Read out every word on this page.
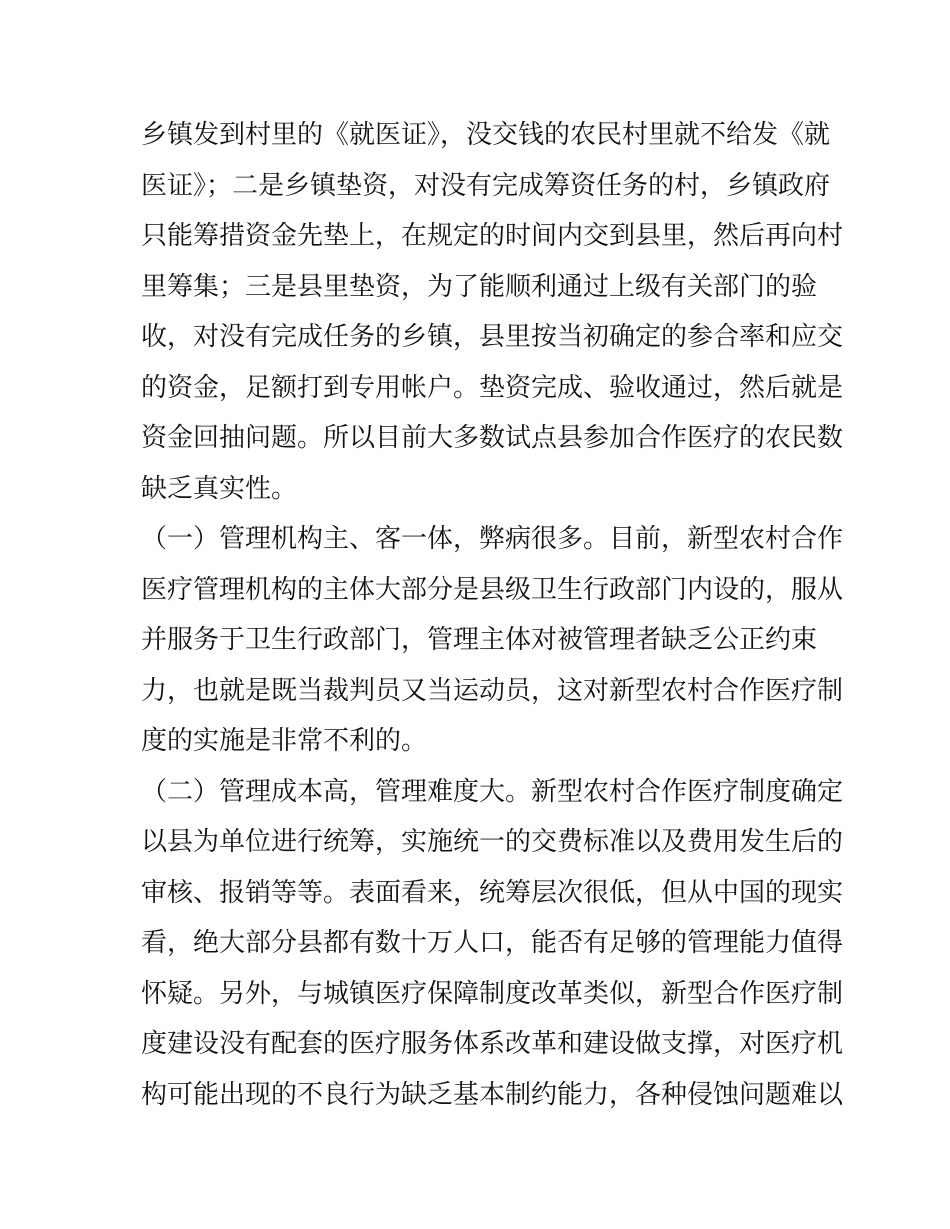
乡镇发到村里的《就医证》，没交钱的农民村里就不给发《就
医证》；二是乡镇垫资，对没有完成筹资任务的村，乡镇政府
只能筹措资金先垫上，在规定的时间内交到县里，然后再向村
里筹集；三是县里垫资，为了能顺利通过上级有关部门的验
收，对没有完成任务的乡镇，县里按当初确定的参合率和应交
的资金，足额打到专用帐户。垫资完成、验收通过，然后就是
资金回抽问题。所以目前大多数试点县参加合作医疗的农民数
缺乏真实性。
（一）管理机构主、客一体，弊病很多。目前，新型农村合作
医疗管理机构的主体大部分是县级卫生行政部门内设的，服从
并服务于卫生行政部门，管理主体对被管理者缺乏公正约束
力，也就是既当裁判员又当运动员，这对新型农村合作医疗制
度的实施是非常不利的。
（二）管理成本高，管理难度大。新型农村合作医疗制度确定
以县为单位进行统筹，实施统一的交费标准以及费用发生后的
审核、报销等等。表面看来，统筹层次很低，但从中国的现实
看，绝大部分县都有数十万人口，能否有足够的管理能力值得
怀疑。另外，与城镇医疗保障制度改革类似，新型合作医疗制
度建设没有配套的医疗服务体系改革和建设做支撑，对医疗机
构可能出现的不良行为缺乏基本制约能力，各种侵蚀问题难以
